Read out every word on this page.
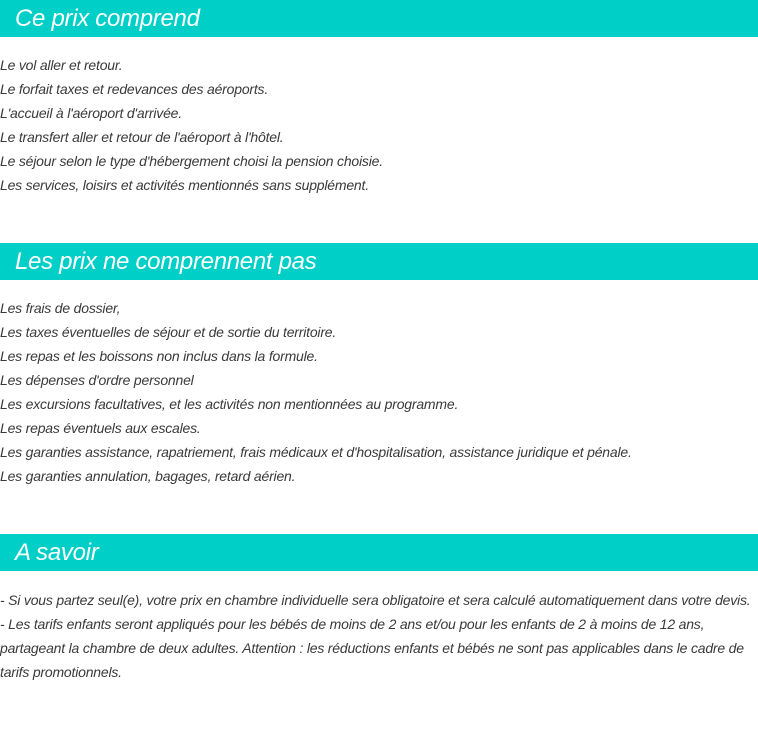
Ce prix comprend
Le vol aller et retour.
Le forfait taxes et redevances des aéroports.
L'accueil à l'aéroport d'arrivée.
Le transfert aller et retour de l'aéroport à l'hôtel.
Le séjour selon le type d'hébergement choisi la pension choisie.
Les services, loisirs et activités mentionnés sans supplément.
Les prix ne comprennent pas
Les frais de dossier,
Les taxes éventuelles de séjour et de sortie du territoire.
Les repas et les boissons non inclus dans la formule.
Les dépenses d'ordre personnel
Les excursions facultatives, et les activités non mentionnées au programme.
Les repas éventuels aux escales.
Les garanties assistance, rapatriement, frais médicaux et d'hospitalisation, assistance juridique et pénale.
Les garanties annulation, bagages, retard aérien.
A savoir

- Si vous partez seul(e), votre prix en chambre individuelle sera obligatoire et sera calculé automatiquement dans votre devis.

- Les tarifs enfants seront appliqués pour les bébés de moins de 2 ans et/ou pour les enfants de 2 à moins de 12 ans, partageant la chambre de deux adultes. Attention : les réductions enfants et bébés ne sont pas applicables dans le cadre de tarifs promotionnels.
